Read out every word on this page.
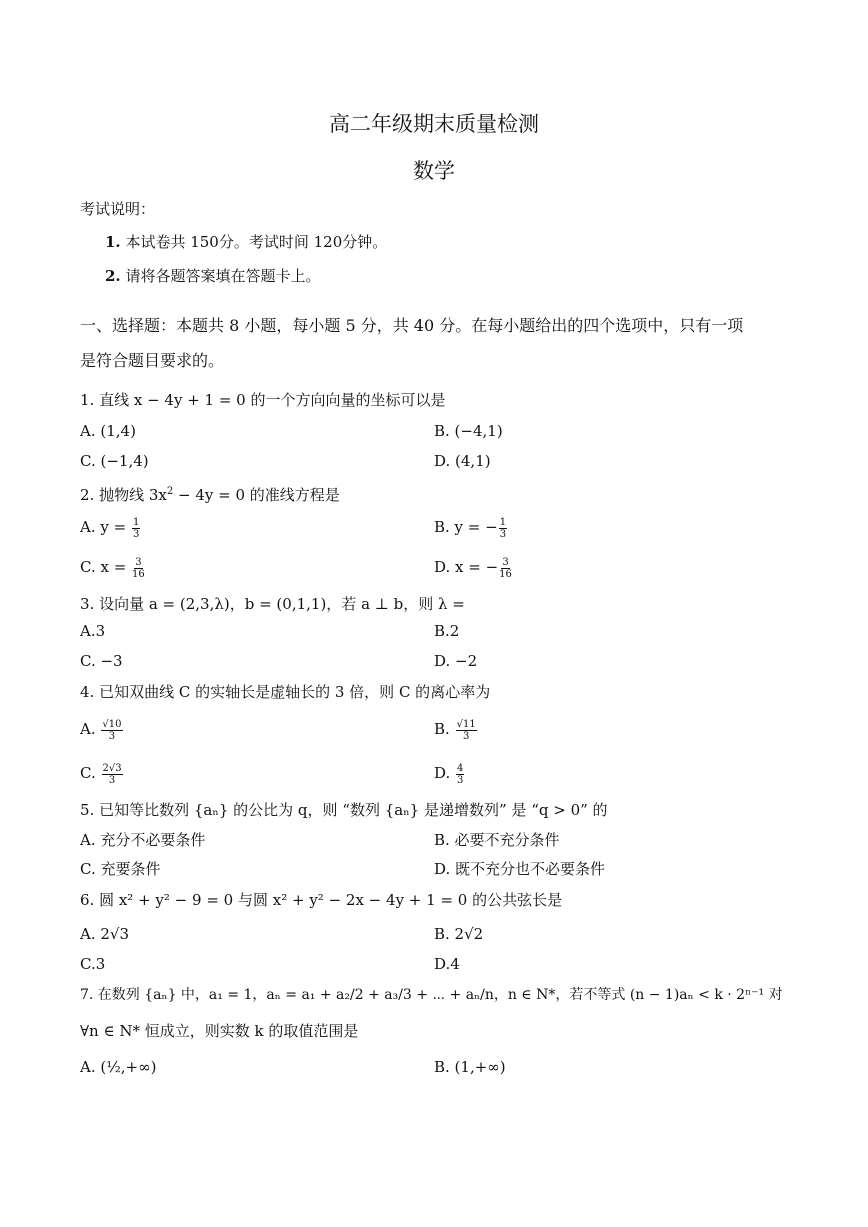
高二年级期末质量检测
数学
考试说明：
1. 本试卷共 150分。考试时间 120分钟。
2. 请将各题答案填在答题卡上。
一、选择题：本题共 8 小题，每小题 5 分，共 40 分。在每小题给出的四个选项中，只有一项
是符合题目要求的。
1. 直线 x − 4y + 1 = 0 的一个方向向量的坐标可以是
A. (1,4)	B. (−4,1)
C. (−1,4)	D. (4,1)
2. 抛物线 $3x^2 - 4y = 0$ 的准线方程是
A. $y = \frac{1}{3}$	B. y = − $\frac{1}{3}$
C. $x = \frac{3}{16}$	D. x = − $\frac{3}{16}$
3. 设向量 a = (2,3,λ)，b = (0,1,1)，若 a ⊥ b，则 λ =
A.3	B.2
C. −3	D. −2
4. 已知双曲线 C 的实轴长是虚轴长的 3 倍，则 C 的离心率为
A. $\frac{√10}{3}$	B. $\frac{√11}{3}$
C. $\frac{2√3}{3}$	D. $\frac{4}{3}$
5. 已知等比数列 {aₙ} 的公比为 q，则 “数列 {aₙ} 是递增数列” 是 “q > 0” 的
A. 充分不必要条件	B. 必要不充分条件
C. 充要条件	D. 既不充分也不必要条件
6. 圆 x² + y² − 9 = 0 与圆 x² + y² − 2x − 4y + 1 = 0 的公共弦长是
A. 2√3	B. 2√2
C.3	D.4
7. 在数列 {aₙ} 中，a₁ = 1，aₙ = a₁ + a₂/2 + a₃/3 + ⋯ + aₙ/n，n ∈ N*，若不等式 (n − 1)aₙ < k · 2ⁿ⁻¹ 对
∀n ∈ N* 恒成立，则实数 k 的取值范围是
A. (½,+∞)	B. (1,+∞)
